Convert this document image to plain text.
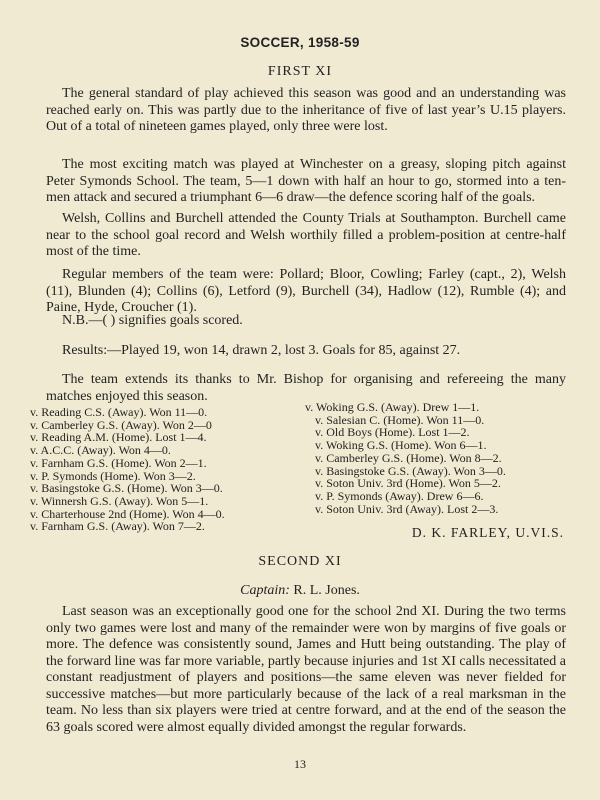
SOCCER, 1958-59
FIRST XI

The general standard of play achieved this season was good and an understanding was reached early on. This was partly due to the inheritance of five of last year’s U.15 players. Out of a total of nineteen games played, only three were lost.

The most exciting match was played at Winchester on a greasy, sloping pitch against Peter Symonds School. The team, 5—1 down with half an hour to go, stormed into a ten-men attack and secured a triumphant 6—6 draw—the defence scoring half of the goals.

Welsh, Collins and Burchell attended the County Trials at Southampton. Burchell came near to the school goal record and Welsh worthily filled a problem-position at centre-half most of the time.

Regular members of the team were: Pollard; Bloor, Cowling; Farley (capt., 2), Welsh (11), Blunden (4); Collins (6), Letford (9), Burchell (34), Hadlow (12), Rumble (4); and Paine, Hyde, Croucher (1).

N.B.—( ) signifies goals scored.

Results:—Played 19, won 14, drawn 2, lost 3. Goals for 85, against 27.

The team extends its thanks to Mr. Bishop for organising and refereeing the many matches enjoyed this season.

v. Reading C.S. (Away). Won 11—0.
v. Camberley G.S. (Away). Won 2—0
v. Reading A.M. (Home). Lost 1—4.
v. A.C.C. (Away). Won 4—0.
v. Farnham G.S. (Home). Won 2—1.
v. P. Symonds (Home). Won 3—2.
v. Basingstoke G.S. (Home). Won 3—0.
v. Winnersh G.S. (Away). Won 5—1.
v. Charterhouse 2nd (Home). Won 4—0.
v. Farnham G.S. (Away). Won 7—2.
v. Woking G.S. (Away). Drew 1—1.
v. Salesian C. (Home). Won 11—0.
v. Old Boys (Home). Lost 1—2.
v. Woking G.S. (Home). Won 6—1.
v. Camberley G.S. (Home). Won 8—2.
v. Basingstoke G.S. (Away). Won 3—0.
v. Soton Univ. 3rd (Home). Won 5—2.
v. P. Symonds (Away). Drew 6—6.
v. Soton Univ. 3rd (Away). Lost 2—3.
D. K. FARLEY, U.VI.S.
SECOND XI
Captain: R. L. Jones.

Last season was an exceptionally good one for the school 2nd XI. During the two terms only two games were lost and many of the remainder were won by margins of five goals or more. The defence was consistently sound, James and Hutt being outstanding. The play of the forward line was far more variable, partly because injuries and 1st XI calls necessitated a constant readjustment of players and positions—the same eleven was never fielded for successive matches—but more particularly because of the lack of a real marksman in the team. No less than six players were tried at centre forward, and at the end of the season the 63 goals scored were almost equally divided amongst the regular forwards.

13
